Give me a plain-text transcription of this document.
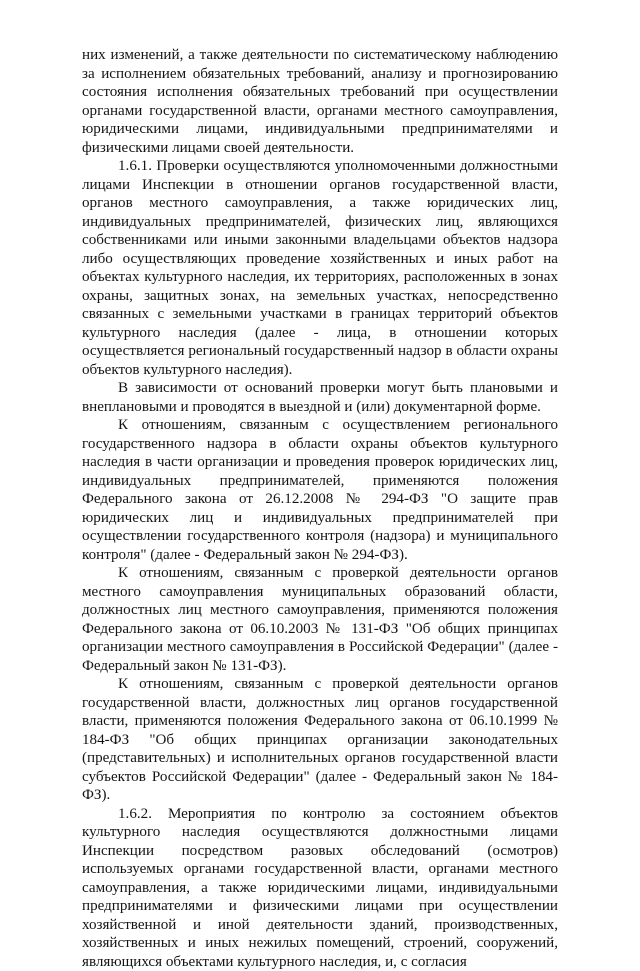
них изменений, а также деятельности по систематическому наблюдению за исполнением обязательных требований, анализу и прогнозированию состояния исполнения обязательных требований при осуществлении органами государственной власти, органами местного самоуправления, юридическими лицами, индивидуальными предпринимателями и физическими лицами своей деятельности.

1.6.1. Проверки осуществляются уполномоченными должностными лицами Инспекции в отношении органов государственной власти, органов местного самоуправления, а также юридических лиц, индивидуальных предпринимателей, физических лиц, являющихся собственниками или иными законными владельцами объектов надзора либо осуществляющих проведение хозяйственных и иных работ на объектах культурного наследия, их территориях, расположенных в зонах охраны, защитных зонах, на земельных участках, непосредственно связанных с земельными участками в границах территорий объектов культурного наследия (далее - лица, в отношении которых осуществляется региональный государственный надзор в области охраны объектов культурного наследия).

В зависимости от оснований проверки могут быть плановыми и внеплановыми и проводятся в выездной и (или) документарной форме.

К отношениям, связанным с осуществлением регионального государственного надзора в области охраны объектов культурного наследия в части организации и проведения проверок юридических лиц, индивидуальных предпринимателей, применяются положения Федерального закона от 26.12.2008 № 294-ФЗ "О защите прав юридических лиц и индивидуальных предпринимателей при осуществлении государственного контроля (надзора) и муниципального контроля" (далее - Федеральный закон № 294-ФЗ).

К отношениям, связанным с проверкой деятельности органов местного самоуправления муниципальных образований области, должностных лиц местного самоуправления, применяются положения Федерального закона от 06.10.2003 № 131-ФЗ "Об общих принципах организации местного самоуправления в Российской Федерации" (далее - Федеральный закон № 131-ФЗ).

К отношениям, связанным с проверкой деятельности органов государственной власти, должностных лиц органов государственной власти, применяются положения Федерального закона от 06.10.1999 № 184-ФЗ "Об общих принципах организации законодательных (представительных) и исполнительных органов государственной власти субъектов Российской Федерации" (далее - Федеральный закон № 184-ФЗ).

1.6.2. Мероприятия по контролю за состоянием объектов культурного наследия осуществляются должностными лицами Инспекции посредством разовых обследований (осмотров) используемых органами государственной власти, органами местного самоуправления, а также юридическими лицами, индивидуальными предпринимателями и физическими лицами при осуществлении хозяйственной и иной деятельности зданий, производственных, хозяйственных и иных нежилых помещений, строений, сооружений, являющихся объектами культурного наследия, и, с согласия
